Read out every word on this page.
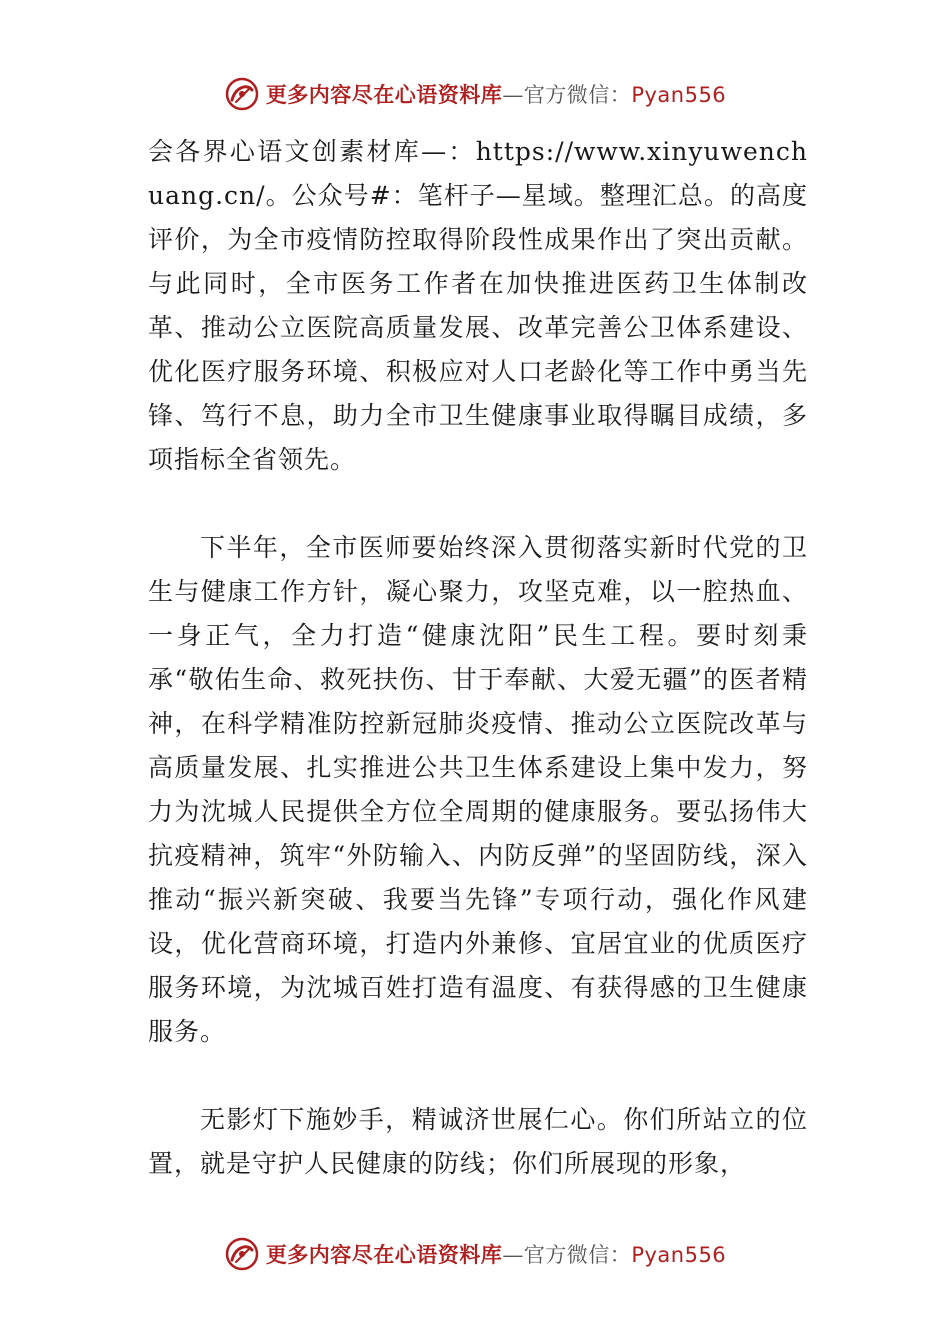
更多内容尽在心语资料库—官方微信：Pyan556

会各界心语文创素材库—：https://www.xinyuwenchuang.cn/。公众号#：笔杆子—星域。整理汇总。的高度评价，为全市疫情防控取得阶段性成果作出了突出贡献。与此同时，全市医务工作者在加快推进医药卫生体制改革、推动公立医院高质量发展、改革完善公卫体系建设、优化医疗服务环境、积极应对人口老龄化等工作中勇当先锋、笃行不息，助力全市卫生健康事业取得瞩目成绩，多项指标全省领先。

下半年，全市医师要始终深入贯彻落实新时代党的卫生与健康工作方针，凝心聚力，攻坚克难，以一腔热血、一身正气，全力打造“健康沈阳”民生工程。要时刻秉承“敬佑生命、救死扶伤、甘于奉献、大爱无疆”的医者精神，在科学精准防控新冠肺炎疫情、推动公立医院改革与高质量发展、扎实推进公共卫生体系建设上集中发力，努力为沈城人民提供全方位全周期的健康服务。要弘扬伟大抗疫精神，筑牢“外防输入、内防反弹”的坚固防线，深入推动“振兴新突破、我要当先锋”专项行动，强化作风建设，优化营商环境，打造内外兼修、宜居宜业的优质医疗服务环境，为沈城百姓打造有温度、有获得感的卫生健康服务。

无影灯下施妙手，精诚济世展仁心。你们所站立的位置，就是守护人民健康的防线；你们所展现的形象，

更多内容尽在心语资料库—官方微信：Pyan556
